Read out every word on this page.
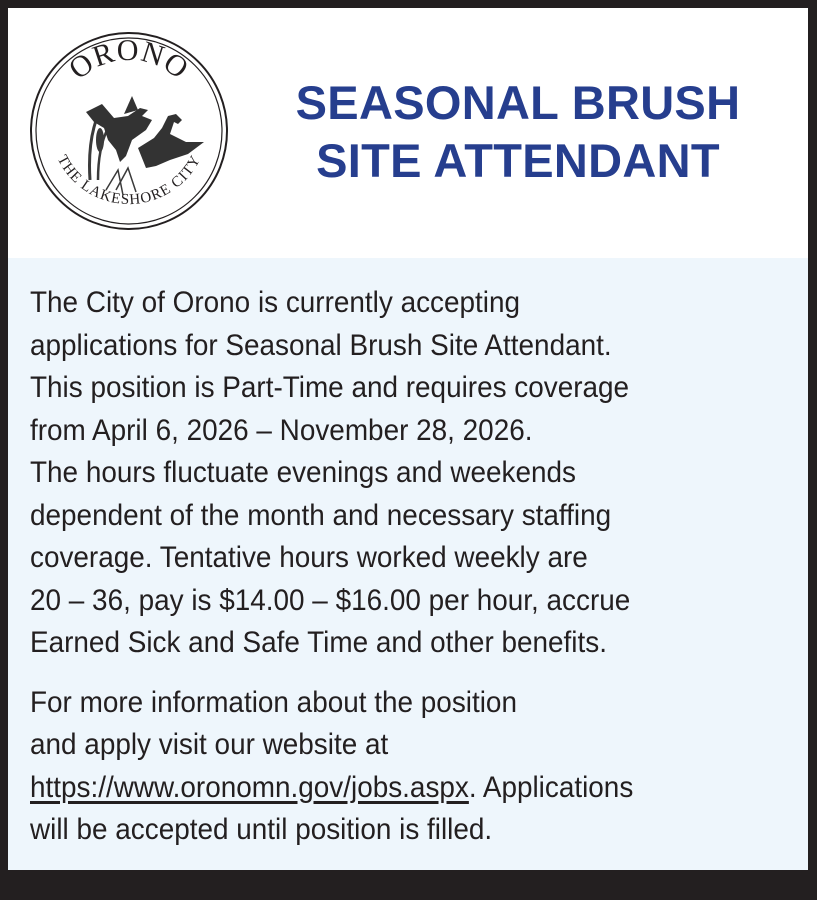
ORONO
THE LAKESHORE CITY
SEASONAL BRUSH
SITE ATTENDANT
The City of Orono is currently accepting
applications for Seasonal Brush Site Attendant.
This position is Part-Time and requires coverage
from April 6, 2026 – November 28, 2026.
The hours fluctuate evenings and weekends
dependent of the month and necessary staffing
coverage. Tentative hours worked weekly are
20 – 36, pay is $14.00 – $16.00 per hour, accrue
Earned Sick and Safe Time and other benefits.
For more information about the position
and apply visit our website at
https://www.oronomn.gov/jobs.aspx. Applications
will be accepted until position is filled.
